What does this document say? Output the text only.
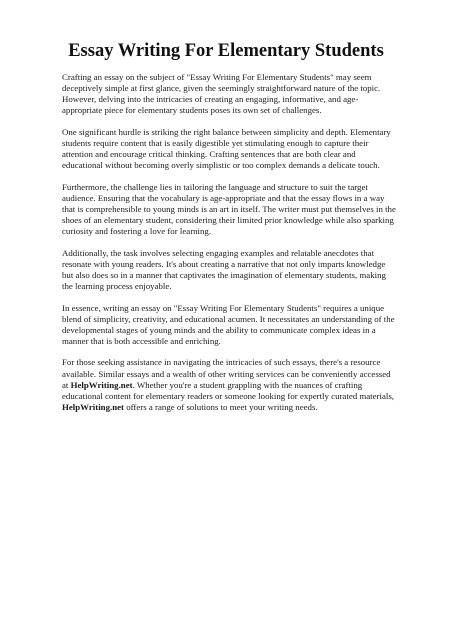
Essay Writing For Elementary Students

Crafting an essay on the subject of "Essay Writing For Elementary Students" may seem deceptively simple at first glance, given the seemingly straightforward nature of the topic. However, delving into the intricacies of creating an engaging, informative, and age-appropriate piece for elementary students poses its own set of challenges.

One significant hurdle is striking the right balance between simplicity and depth. Elementary students require content that is easily digestible yet stimulating enough to capture their attention and encourage critical thinking. Crafting sentences that are both clear and educational without becoming overly simplistic or too complex demands a delicate touch.

Furthermore, the challenge lies in tailoring the language and structure to suit the target audience. Ensuring that the vocabulary is age-appropriate and that the essay flows in a way that is comprehensible to young minds is an art in itself. The writer must put themselves in the shoes of an elementary student, considering their limited prior knowledge while also sparking curiosity and fostering a love for learning.

Additionally, the task involves selecting engaging examples and relatable anecdotes that resonate with young readers. It's about creating a narrative that not only imparts knowledge but also does so in a manner that captivates the imagination of elementary students, making the learning process enjoyable.

In essence, writing an essay on "Essay Writing For Elementary Students" requires a unique blend of simplicity, creativity, and educational acumen. It necessitates an understanding of the developmental stages of young minds and the ability to communicate complex ideas in a manner that is both accessible and enriching.

For those seeking assistance in navigating the intricacies of such essays, there's a resource available. Similar essays and a wealth of other writing services can be conveniently accessed at HelpWriting.net. Whether you're a student grappling with the nuances of crafting educational content for elementary readers or someone looking for expertly curated materials, HelpWriting.net offers a range of solutions to meet your writing needs.
